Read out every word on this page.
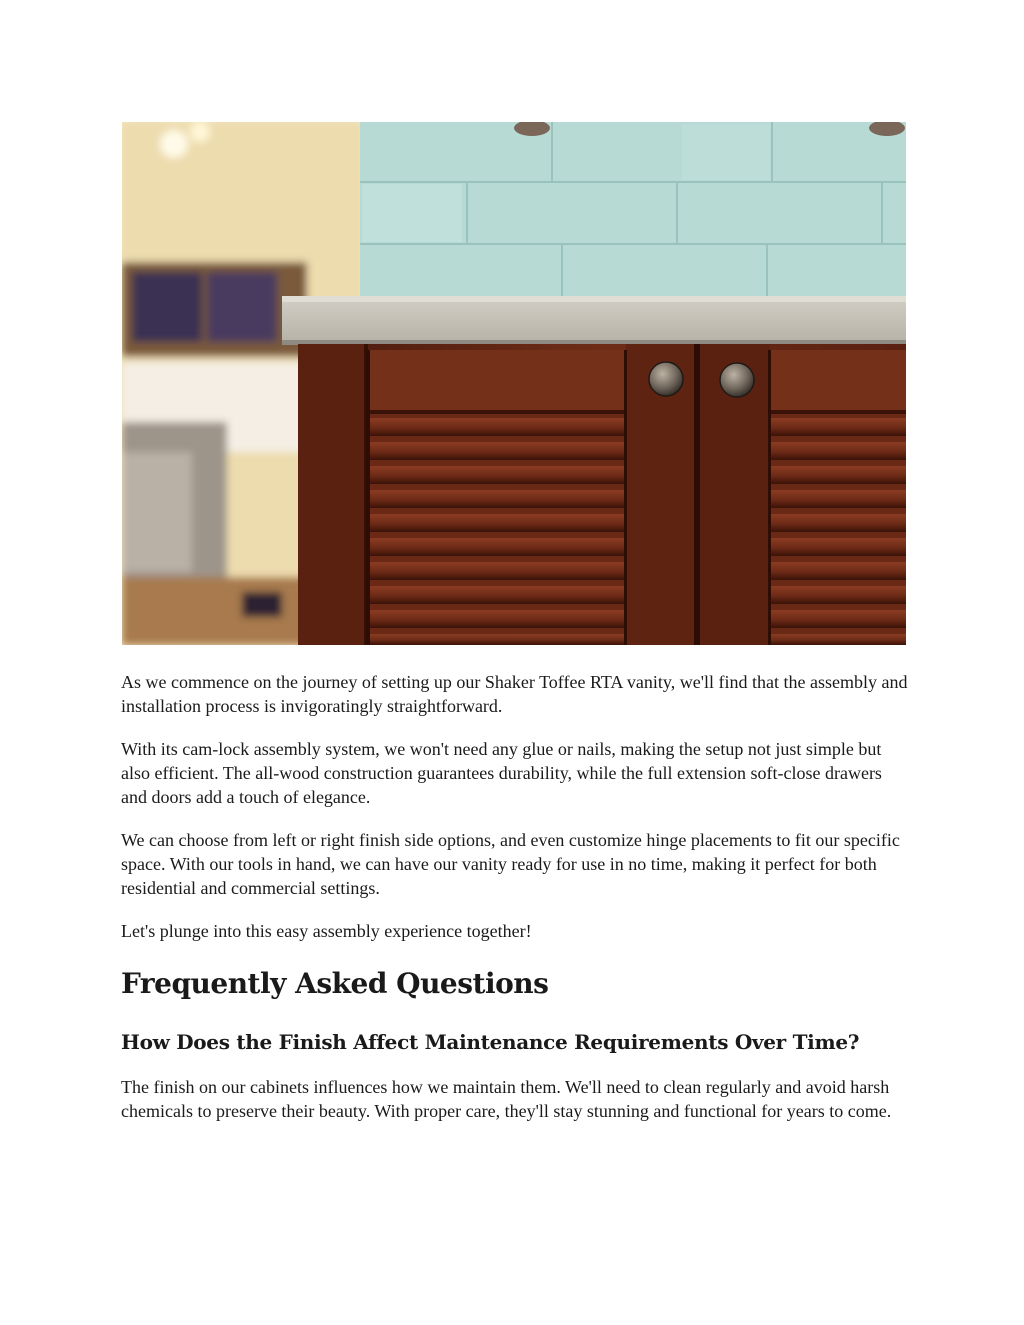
As we commence on the journey of setting up our Shaker Toffee RTA vanity, we'll find that the assembly and installation process is invigoratingly straightforward.

With its cam-lock assembly system, we won't need any glue or nails, making the setup not just simple but also efficient. The all-wood construction guarantees durability, while the full extension soft-close drawers and doors add a touch of elegance.

We can choose from left or right finish side options, and even customize hinge placements to fit our specific space. With our tools in hand, we can have our vanity ready for use in no time, making it perfect for both residential and commercial settings.

Let's plunge into this easy assembly experience together!

Frequently Asked Questions
How Does the Finish Affect Maintenance Requirements Over Time?

The finish on our cabinets influences how we maintain them. We'll need to clean regularly and avoid harsh chemicals to preserve their beauty. With proper care, they'll stay stunning and functional for years to come.
